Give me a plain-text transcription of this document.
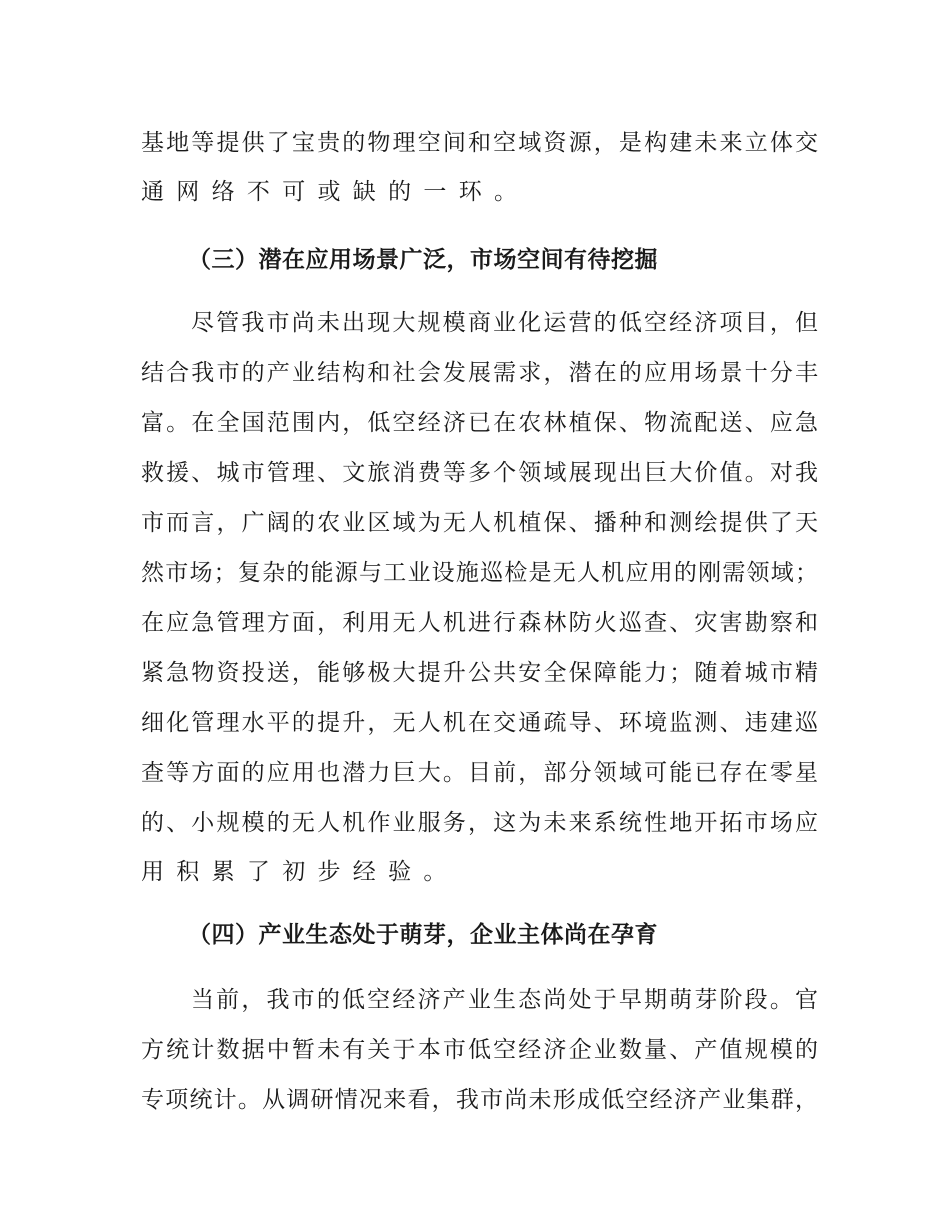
基地等提供了宝贵的物理空间和空域资源，是构建未来立体交
通网络不可或缺的一环。
（三）潜在应用场景广泛，市场空间有待挖掘
尽管我市尚未出现大规模商业化运营的低空经济项目，但
结合我市的产业结构和社会发展需求，潜在的应用场景十分丰
富。在全国范围内，低空经济已在农林植保、物流配送、应急
救援、城市管理、文旅消费等多个领域展现出巨大价值。对我
市而言，广阔的农业区域为无人机植保、播种和测绘提供了天
然市场；复杂的能源与工业设施巡检是无人机应用的刚需领域；
在应急管理方面，利用无人机进行森林防火巡查、灾害勘察和
紧急物资投送，能够极大提升公共安全保障能力；随着城市精
细化管理水平的提升，无人机在交通疏导、环境监测、违建巡
查等方面的应用也潜力巨大。目前，部分领域可能已存在零星
的、小规模的无人机作业服务，这为未来系统性地开拓市场应
用积累了初步经验。
（四）产业生态处于萌芽，企业主体尚在孕育
当前，我市的低空经济产业生态尚处于早期萌芽阶段。官
方统计数据中暂未有关于本市低空经济企业数量、产值规模的
专项统计。从调研情况来看，我市尚未形成低空经济产业集群，
